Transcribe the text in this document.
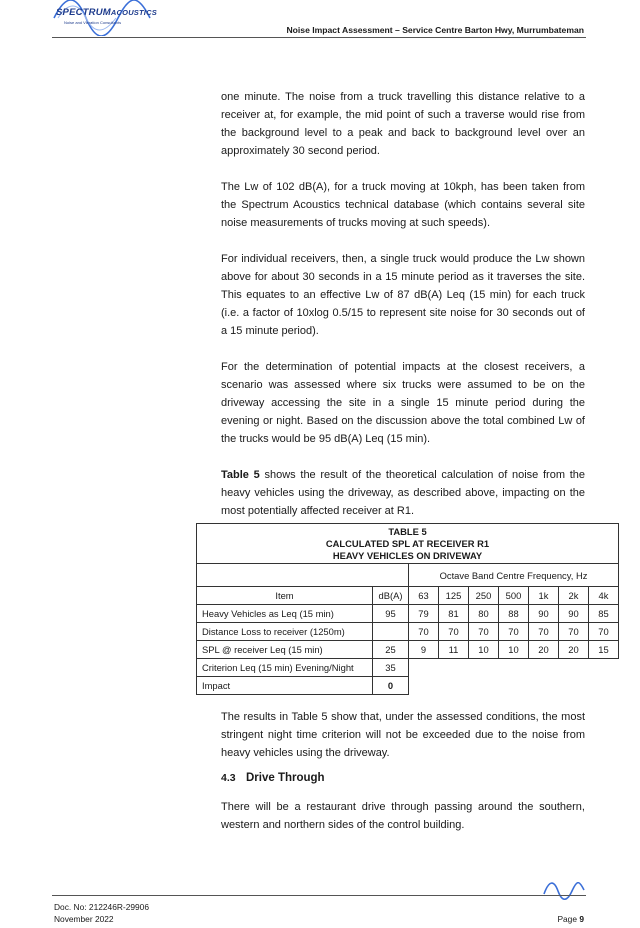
SPECTRUMACOUSTICS
Noise and Vibration Consultants
Noise Impact Assessment – Service Centre Barton Hwy, Murrumbateman

one minute. The noise from a truck travelling this distance relative to a receiver at, for example, the mid point of such a traverse would rise from the background level to a peak and back to background level over an approximately 30 second period.

The Lw of 102 dB(A), for a truck moving at 10kph, has been taken from the Spectrum Acoustics technical database (which contains several site noise measurements of trucks moving at such speeds).

For individual receivers, then, a single truck would produce the Lw shown above for about 30 seconds in a 15 minute period as it traverses the site. This equates to an effective Lw of 87 dB(A) Leq (15 min) for each truck (i.e. a factor of 10xlog 0.5/15 to represent site noise for 30 seconds out of a 15 minute period).

For the determination of potential impacts at the closest receivers, a scenario was assessed where six trucks were assumed to be on the driveway accessing the site in a single 15 minute period during the evening or night. Based on the discussion above the total combined Lw of the trucks would be 95 dB(A) Leq (15 min).

Table 5 shows the result of the theoretical calculation of noise from the heavy vehicles using the driveway, as described above, impacting on the most potentially affected receiver at R1.

TABLE 5
CALCULATED SPL AT RECEIVER R1
HEAVY VEHICLES ON DRIVEWAY								

		Octave Band Centre Frequency, Hz						
Item	dB(A)	63	125	250	500	1k	2k	4k
Heavy Vehicles as Leq (15 min)	95	79	81	80	88	90	90	85
Distance Loss to receiver (1250m)		70	70	70	70	70	70	70
SPL @ receiver Leq (15 min)	25	9	11	10	10	20	20	15
Criterion Leq (15 min) Evening/Night	35							
Impact	0							

The results in Table 5 show that, under the assessed conditions, the most stringent night time criterion will not be exceeded due to the noise from heavy vehicles using the driveway.

4.3 Drive Through

There will be a restaurant drive through passing around the southern, western and northern sides of the control building.

Doc. No: 212246R-29906
November 2022	Page 9
